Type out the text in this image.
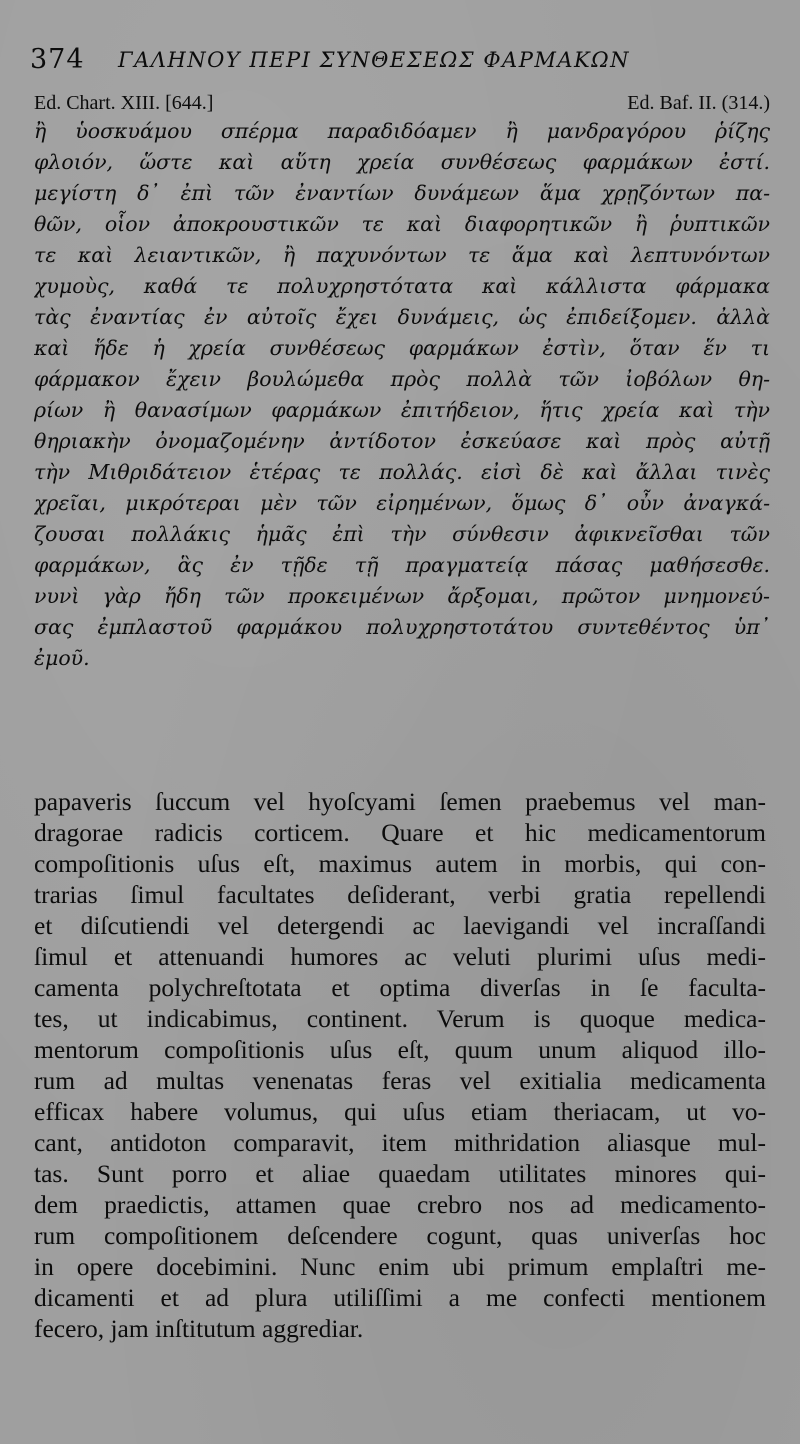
374 ΓΑΛΗΝΟΥ ΠΕΡΙ ΣΥΝΘΕΣΕΩΣ ΦΑΡΜΑΚΩΝ
Ed. Chart. XIII. [644.]	Ed. Baf. II. (314.)
ἢ ὑοσκυάμου σπέρμα παραδιδόαμεν ἢ μανδραγόρου ῥίζης
φλοιόν, ὥστε καὶ αὕτη χρεία συνθέσεως φαρμάκων ἐστί.
μεγίστη δ᾽ ἐπὶ τῶν ἐναντίων δυνάμεων ἅμα χρῃζόντων πα-
θῶν, οἷον ἀποκρουστικῶν τε καὶ διαφορητικῶν ἢ ῥυπτικῶν
τε καὶ λειαντικῶν, ἢ παχυνόντων τε ἅμα καὶ λεπτυνόντων
χυμοὺς, καθά τε πολυχρηστότατα καὶ κάλλιστα φάρμακα
τὰς ἐναντίας ἐν αὐτοῖς ἔχει δυνάμεις, ὡς ἐπιδείξομεν. ἀλλὰ
καὶ ἥδε ἡ χρεία συνθέσεως φαρμάκων ἐστὶν, ὅταν ἕν τι
φάρμακον ἔχειν βουλώμεθα πρὸς πολλὰ τῶν ἰοβόλων θη-
ρίων ἢ θανασίμων φαρμάκων ἐπιτήδειον, ἥτις χρεία καὶ τὴν
θηριακὴν ὀνομαζομένην ἀντίδοτον ἐσκεύασε καὶ πρὸς αὐτῇ
τὴν Μιθριδάτειον ἑτέρας τε πολλάς. εἰσὶ δὲ καὶ ἄλλαι τινὲς
χρεῖαι, μικρότεραι μὲν τῶν εἰρημένων, ὅμως δ᾽ οὖν ἀναγκά-
ζουσαι πολλάκις ἡμᾶς ἐπὶ τὴν σύνθεσιν ἀφικνεῖσθαι τῶν
φαρμάκων, ἃς ἐν τῇδε τῇ πραγματείᾳ πάσας μαθήσεσθε.
νυνὶ γὰρ ἤδη τῶν προκειμένων ἄρξομαι, πρῶτον μνημονεύ-
σας ἐμπλαστοῦ φαρμάκου πολυχρηστοτάτου συντεθέντος ὑπ᾽
ἐμοῦ.
papaveris ſuccum vel hyoſcyami ſemen praebemus vel man-
dragorae radicis corticem. Quare et hic medicamentorum
compoſitionis uſus eſt, maximus autem in morbis, qui con-
trarias ſimul facultates deſiderant, verbi gratia repellendi
et diſcutiendi vel detergendi ac laevigandi vel incraſſandi
ſimul et attenuandi humores ac veluti plurimi uſus medi-
camenta polychreſtotata et optima diverſas in ſe faculta-
tes, ut indicabimus, continent. Verum is quoque medica-
mentorum compoſitionis uſus eſt, quum unum aliquod illo-
rum ad multas venenatas feras vel exitialia medicamenta
efficax habere volumus, qui uſus etiam theriacam, ut vo-
cant, antidoton comparavit, item mithridation aliasque mul-
tas. Sunt porro et aliae quaedam utilitates minores qui-
dem praedictis, attamen quae crebro nos ad medicamento-
rum compoſitionem deſcendere cogunt, quas univerſas hoc
in opere docebimini. Nunc enim ubi primum emplaſtri me-
dicamenti et ad plura utiliſſimi a me confecti mentionem
fecero, jam inſtitutum aggrediar.
